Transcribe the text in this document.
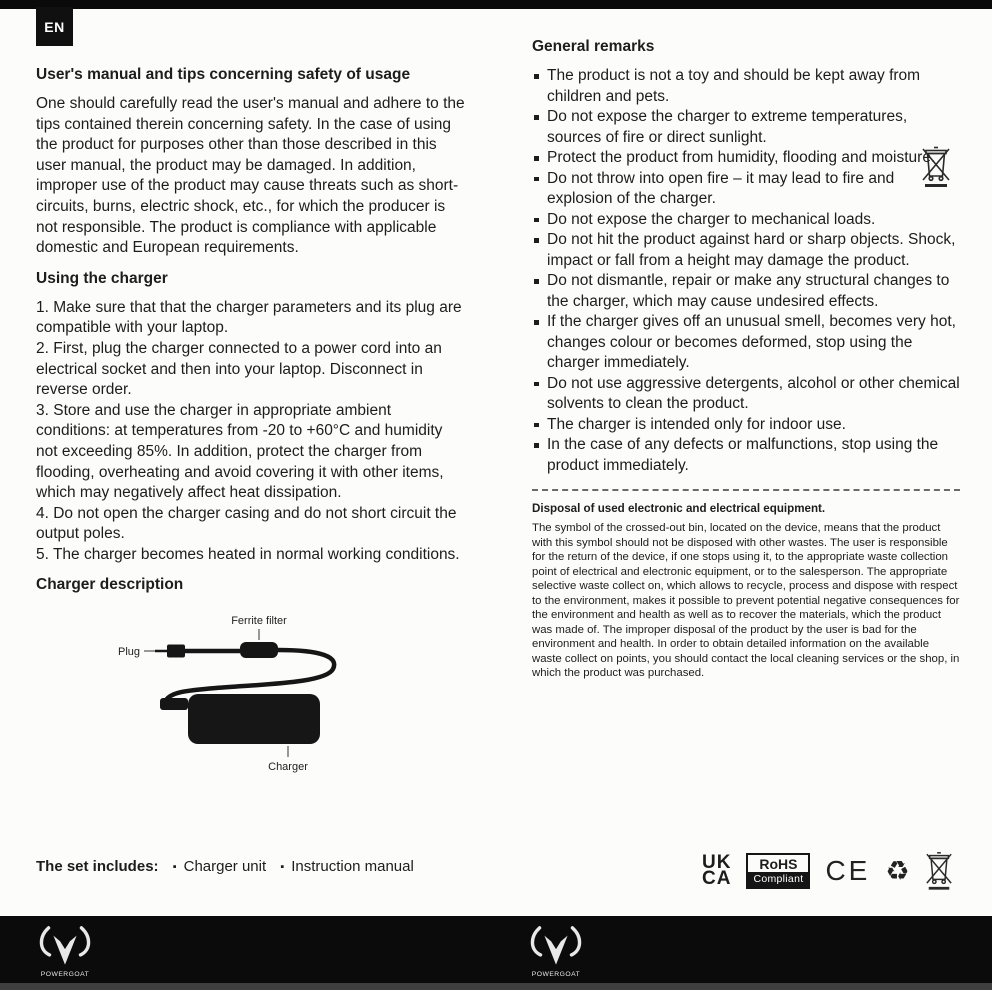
EN

User's manual and tips concerning safety of usage

One should carefully read the user's manual and adhere to the tips contained therein concerning safety. In the case of using the product for purposes other than those described in this user manual, the product may be damaged. In addition, improper use of the product may cause threats such as short-circuits, burns, electric shock, etc., for which the producer is not responsible. The product is compliance with applicable domestic and European requirements.

Using the charger

1. Make sure that that the charger parameters and its plug are compatible with your laptop.

2. First, plug the charger connected to a power cord into an electrical socket and then into your laptop. Disconnect in reverse order.

3. Store and use the charger in appropriate ambient conditions: at temperatures from -20 to +60°C and humidity not exceeding 85%. In addition, protect the charger from flooding, overheating and avoid covering it with other items, which may negatively affect heat dissipation.

4. Do not open the charger casing and do not short circuit the output poles.

5. The charger becomes heated in normal working conditions.

Charger description

Ferrite filter
Plug
Charger
The set includes: ▪ Charger unit ▪ Instruction manual

General remarks

The product is not a toy and should be kept away from children and pets.
Do not expose the charger to extreme temperatures, sources of fire or direct sunlight.
Protect the product from humidity, flooding and moisture.
Do not throw into open fire – it may lead to fire and explosion of the charger.
Do not expose the charger to mechanical loads.
Do not hit the product against hard or sharp objects. Shock, impact or fall from a height may damage the product.
Do not dismantle, repair or make any structural changes to the charger, which may cause undesired effects.
If the charger gives off an unusual smell, becomes very hot, changes colour or becomes deformed, stop using the charger immediately.
Do not use aggressive detergents, alcohol or other chemical solvents to clean the product.
The charger is intended only for indoor use.
In the case of any defects or malfunctions, stop using the product immediately.

Disposal of used electronic and electrical equipment.

The symbol of the crossed-out bin, located on the device, means that the product with this symbol should not be disposed with other wastes. The user is responsible for the return of the device, if one stops using it, to the appropriate waste collection point of electrical and electronic equipment, or to the salesperson. The appropriate selective waste collect on, which allows to recycle, process and dispose with respect to the environment, makes it possible to prevent potential negative consequences for the environment and health as well as to recover the materials, which the product was made of. The improper disposal of the product by the user is bad for the environment and health. In order to obtain detailed information on the available waste collect on points, you should contact the local cleaning services or the shop, in which the product was purchased.

UK
CA
RoHS
Compliant CE ♻
POWERGOAT	POWERGOAT
